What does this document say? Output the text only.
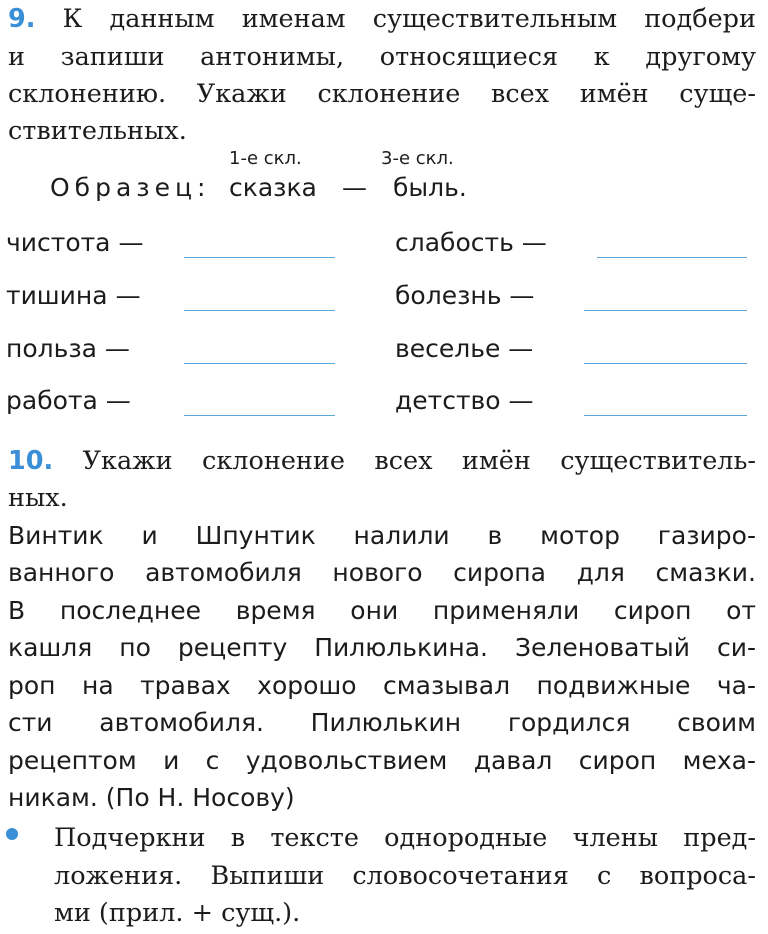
9. К данным именам существительным подбери
и запиши антонимы, относящиеся к другому
склонению. Укажи склонение всех имён суще-
ствительных.
1-е скл.	3-е скл.
Образец: сказка — быль.
чистота —
тишина —
польза —
работа —
слабость —
болезнь —
веселье —
детство —
10. Укажи склонение всех имён существитель-
ных.
Винтик и Шпунтик налили в мотор газиро-
ванного автомобиля нового сиропа для смазки.
В последнее время они применяли сироп от
кашля по рецепту Пилюлькина. Зеленоватый си-
роп на травах хорошо смазывал подвижные ча-
сти автомобиля. Пилюлькин гордился своим
рецептом и с удовольствием давал сироп меха-
никам. (По Н. Носову)
Подчеркни в тексте однородные члены пред-
ложения. Выпиши словосочетания с вопроса-
ми (прил. + сущ.).
